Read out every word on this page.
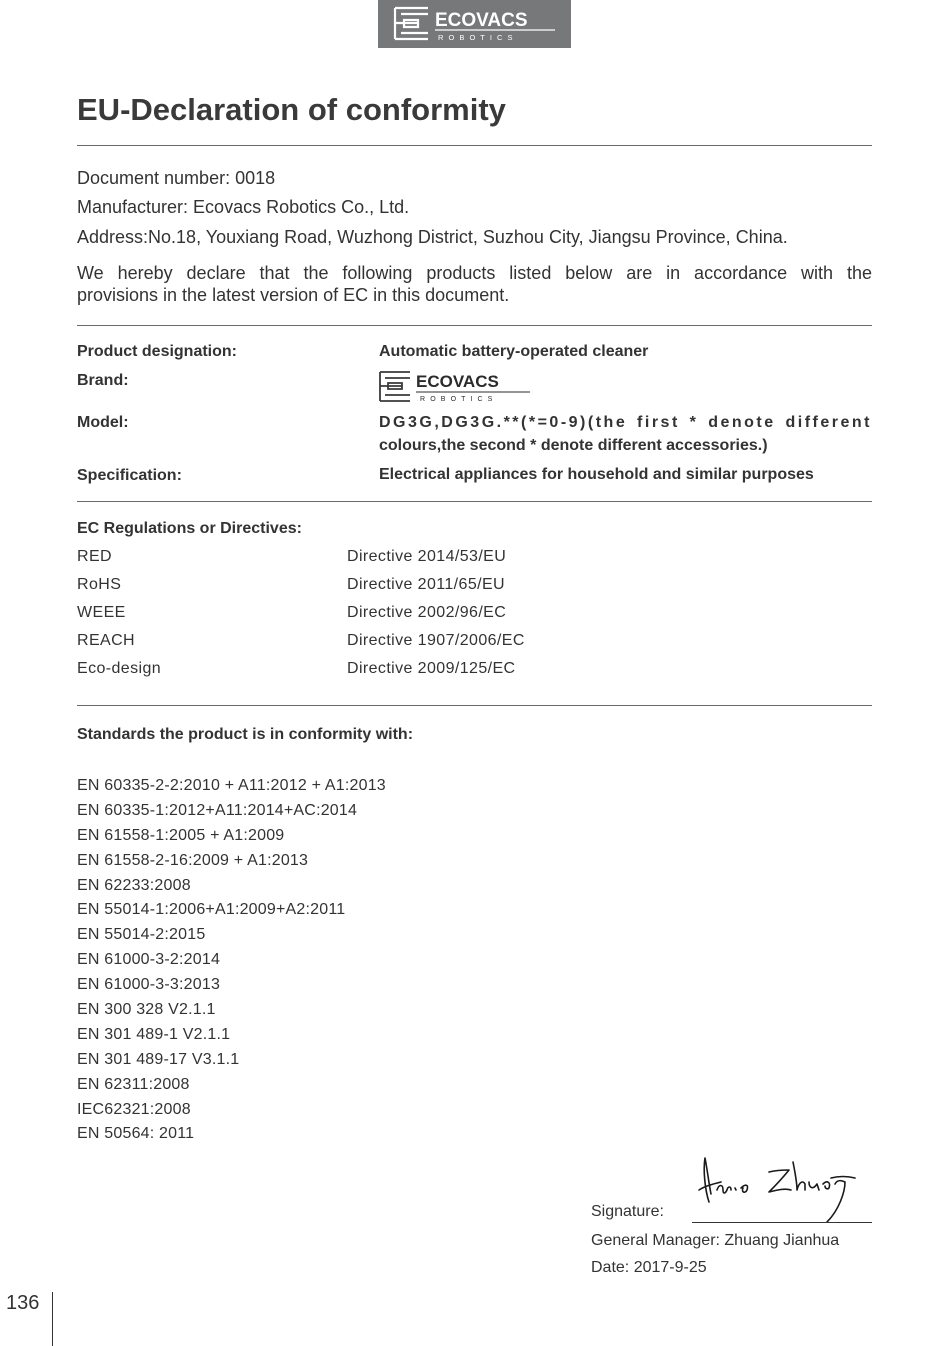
ECOVACS
R O B O T I C S
EU-Declaration of conformity
Document number: 0018
Manufacturer: Ecovacs Robotics Co., Ltd.
Address:No.18, Youxiang Road, Wuzhong District, Suzhou City, Jiangsu Province, China.
We hereby declare that the following products listed below are in accordance with the
provisions in the latest version of EC in this document.
Product designation:	Automatic battery-operated cleaner
Brand:	ECOVACS
R O B O T I C S
Model:	DG3G,DG3G.**(*=0-9)(the first * denote different
colours,the second * denote different accessories.)
Specification:	Electrical appliances for household and similar purposes
EC Regulations or Directives:
RED	Directive 2014/53/EU
RoHS	Directive 2011/65/EU
WEEE	Directive 2002/96/EC
REACH	Directive 1907/2006/EC
Eco-design	Directive 2009/125/EC
Standards the product is in conformity with:
EN 60335-2-2:2010 + A11:2012 + A1:2013
EN 60335-1:2012+A11:2014+AC:2014
EN 61558-1:2005 + A1:2009
EN 61558-2-16:2009 + A1:2013
EN 62233:2008
EN 55014-1:2006+A1:2009+A2:2011
EN 55014-2:2015
EN 61000-3-2:2014
EN 61000-3-3:2013
EN 300 328 V2.1.1
EN 301 489-1 V2.1.1
EN 301 489-17 V3.1.1
EN 62311:2008
IEC62321:2008
EN 50564: 2011
Signature:
General Manager: Zhuang Jianhua
Date: 2017-9-25
136
